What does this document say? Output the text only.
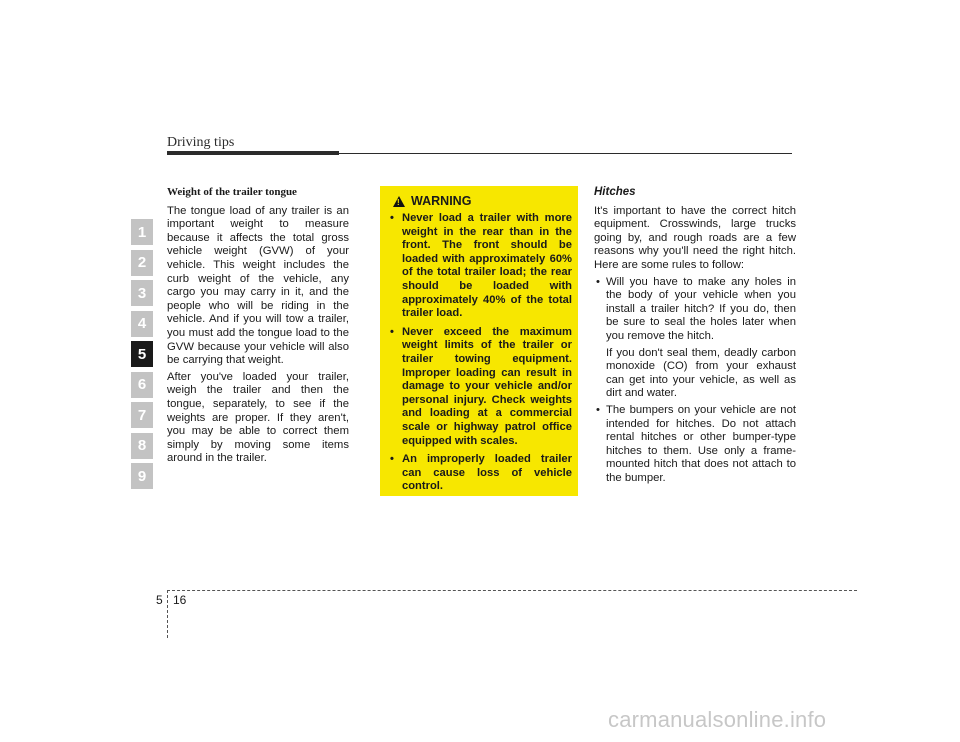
Driving tips
1
2
3
4
5
6
7
8
9
Weight of the trailer tongue

The tongue load of any trailer is an important weight to measure because it affects the total gross vehicle weight (GVW) of your vehicle. This weight includes the curb weight of the vehicle, any cargo you may carry in it, and the people who will be riding in the vehicle. And if you will tow a trailer, you must add the tongue load to the GVW because your vehicle will also be carrying that weight.

After you've loaded your trailer, weigh the trailer and then the tongue, separately, to see if the weights are proper. If they aren't, you may be able to correct them simply by moving some items around in the trailer.

!
WARNING
• Never load a trailer with more weight in the rear than in the front. The front should be loaded with approximately 60% of the total trailer load; the rear should be loaded with approximately 40% of the total trailer load.
• Never exceed the maximum weight limits of the trailer or trailer towing equipment. Improper loading can result in damage to your vehicle and/or personal injury. Check weights and loading at a commercial scale or highway patrol office equipped with scales.
• An improperly loaded trailer can cause loss of vehicle control.
Hitches

It's important to have the correct hitch equipment. Crosswinds, large trucks going by, and rough roads are a few reasons why you'll need the right hitch. Here are some rules to follow:

• Will you have to make any holes in the body of your vehicle when you install a trailer hitch? If you do, then be sure to seal the holes later when you remove the hitch.

If you don't seal them, deadly carbon monoxide (CO) from your exhaust can get into your vehicle, as well as dirt and water.

• The bumpers on your vehicle are not intended for hitches. Do not attach rental hitches or other bumper-type hitches to them. Use only a frame-mounted hitch that does not attach to the bumper.
5 16
carmanualsonline.info
